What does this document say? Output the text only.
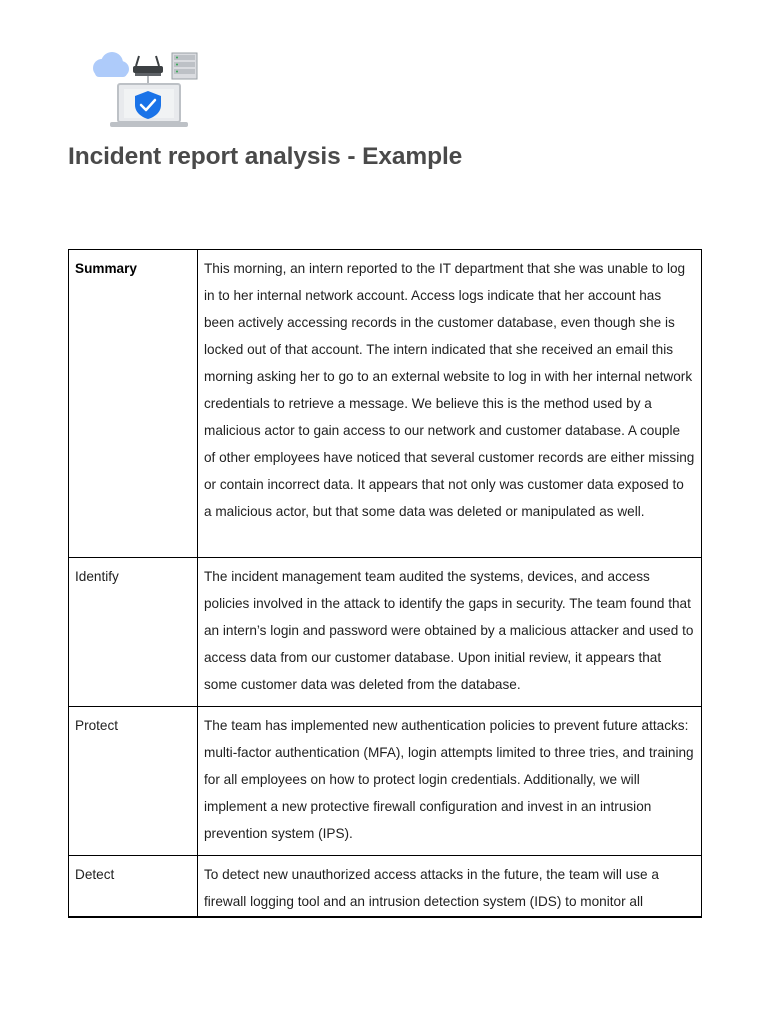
Incident report analysis - Example
Summary	This morning, an intern reported to the IT department that she was unable to log in to her internal network account. Access logs indicate that her account has been actively accessing records in the customer database, even though she is locked out of that account. The intern indicated that she received an email this morning asking her to go to an external website to log in with her internal network credentials to retrieve a message. We believe this is the method used by a malicious actor to gain access to our network and customer database. A couple of other employees have noticed that several customer records are either missing or contain incorrect data. It appears that not only was customer data exposed to a malicious actor, but that some data was deleted or manipulated as well.
Identify	The incident management team audited the systems, devices, and access policies involved in the attack to identify the gaps in security. The team found that an intern’s login and password were obtained by a malicious attacker and used to access data from our customer database. Upon initial review, it appears that some customer data was deleted from the database.
Protect	The team has implemented new authentication policies to prevent future attacks: multi-factor authentication (MFA), login attempts limited to three tries, and training for all employees on how to protect login credentials. Additionally, we will implement a new protective firewall configuration and invest in an intrusion prevention system (IPS).
Detect	To detect new unauthorized access attacks in the future, the team will use a firewall logging tool and an intrusion detection system (IDS) to monitor all
